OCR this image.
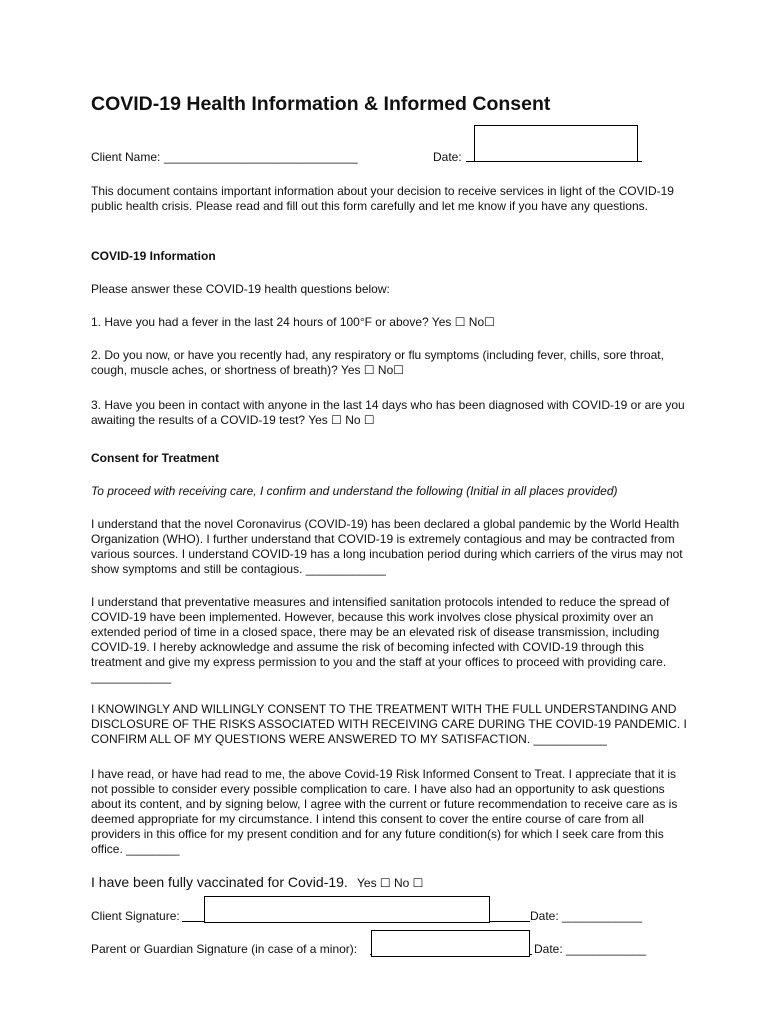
COVID-19 Health Information & Informed Consent
Client Name: _____________________________	Date:

This document contains important information about your decision to receive services in light of the COVID-19 public health crisis. Please read and fill out this form carefully and let me know if you have any questions.

COVID-19 Information

Please answer these COVID-19 health questions below:

1. Have you had a fever in the last 24 hours of 100°F or above? Yes ☐ No☐

2. Do you now, or have you recently had, any respiratory or flu symptoms (including fever, chills, sore throat, cough, muscle aches, or shortness of breath)? Yes ☐ No☐

3. Have you been in contact with anyone in the last 14 days who has been diagnosed with COVID-19 or are you awaiting the results of a COVID-19 test? Yes ☐ No ☐

Consent for Treatment

To proceed with receiving care, I confirm and understand the following (Initial in all places provided)

I understand that the novel Coronavirus (COVID-19) has been declared a global pandemic by the World Health Organization (WHO). I further understand that COVID-19 is extremely contagious and may be contracted from various sources. I understand COVID-19 has a long incubation period during which carriers of the virus may not show symptoms and still be contagious. ____________

I understand that preventative measures and intensified sanitation protocols intended to reduce the spread of COVID-19 have been implemented. However, because this work involves close physical proximity over an extended period of time in a closed space, there may be an elevated risk of disease transmission, including COVID-19. I hereby acknowledge and assume the risk of becoming infected with COVID-19 through this treatment and give my express permission to you and the staff at your offices to proceed with providing care. ____________

I KNOWINGLY AND WILLINGLY CONSENT TO THE TREATMENT WITH THE FULL UNDERSTANDING AND DISCLOSURE OF THE RISKS ASSOCIATED WITH RECEIVING CARE DURING THE COVID-19 PANDEMIC. I CONFIRM ALL OF MY QUESTIONS WERE ANSWERED TO MY SATISFACTION. ___________

I have read, or have had read to me, the above Covid-19 Risk Informed Consent to Treat. I appreciate that it is not possible to consider every possible complication to care. I have also had an opportunity to ask questions about its content, and by signing below, I agree with the current or future recommendation to receive care as is deemed appropriate for my circumstance. I intend this consent to cover the entire course of care from all providers in this office for my present condition and for any future condition(s) for which I seek care from this office. ________

I have been fully vaccinated for Covid-19. Yes ☐ No ☐
Client Signature:	Date: ____________
Parent or Guardian Signature (in case of a minor):	Date: ____________
